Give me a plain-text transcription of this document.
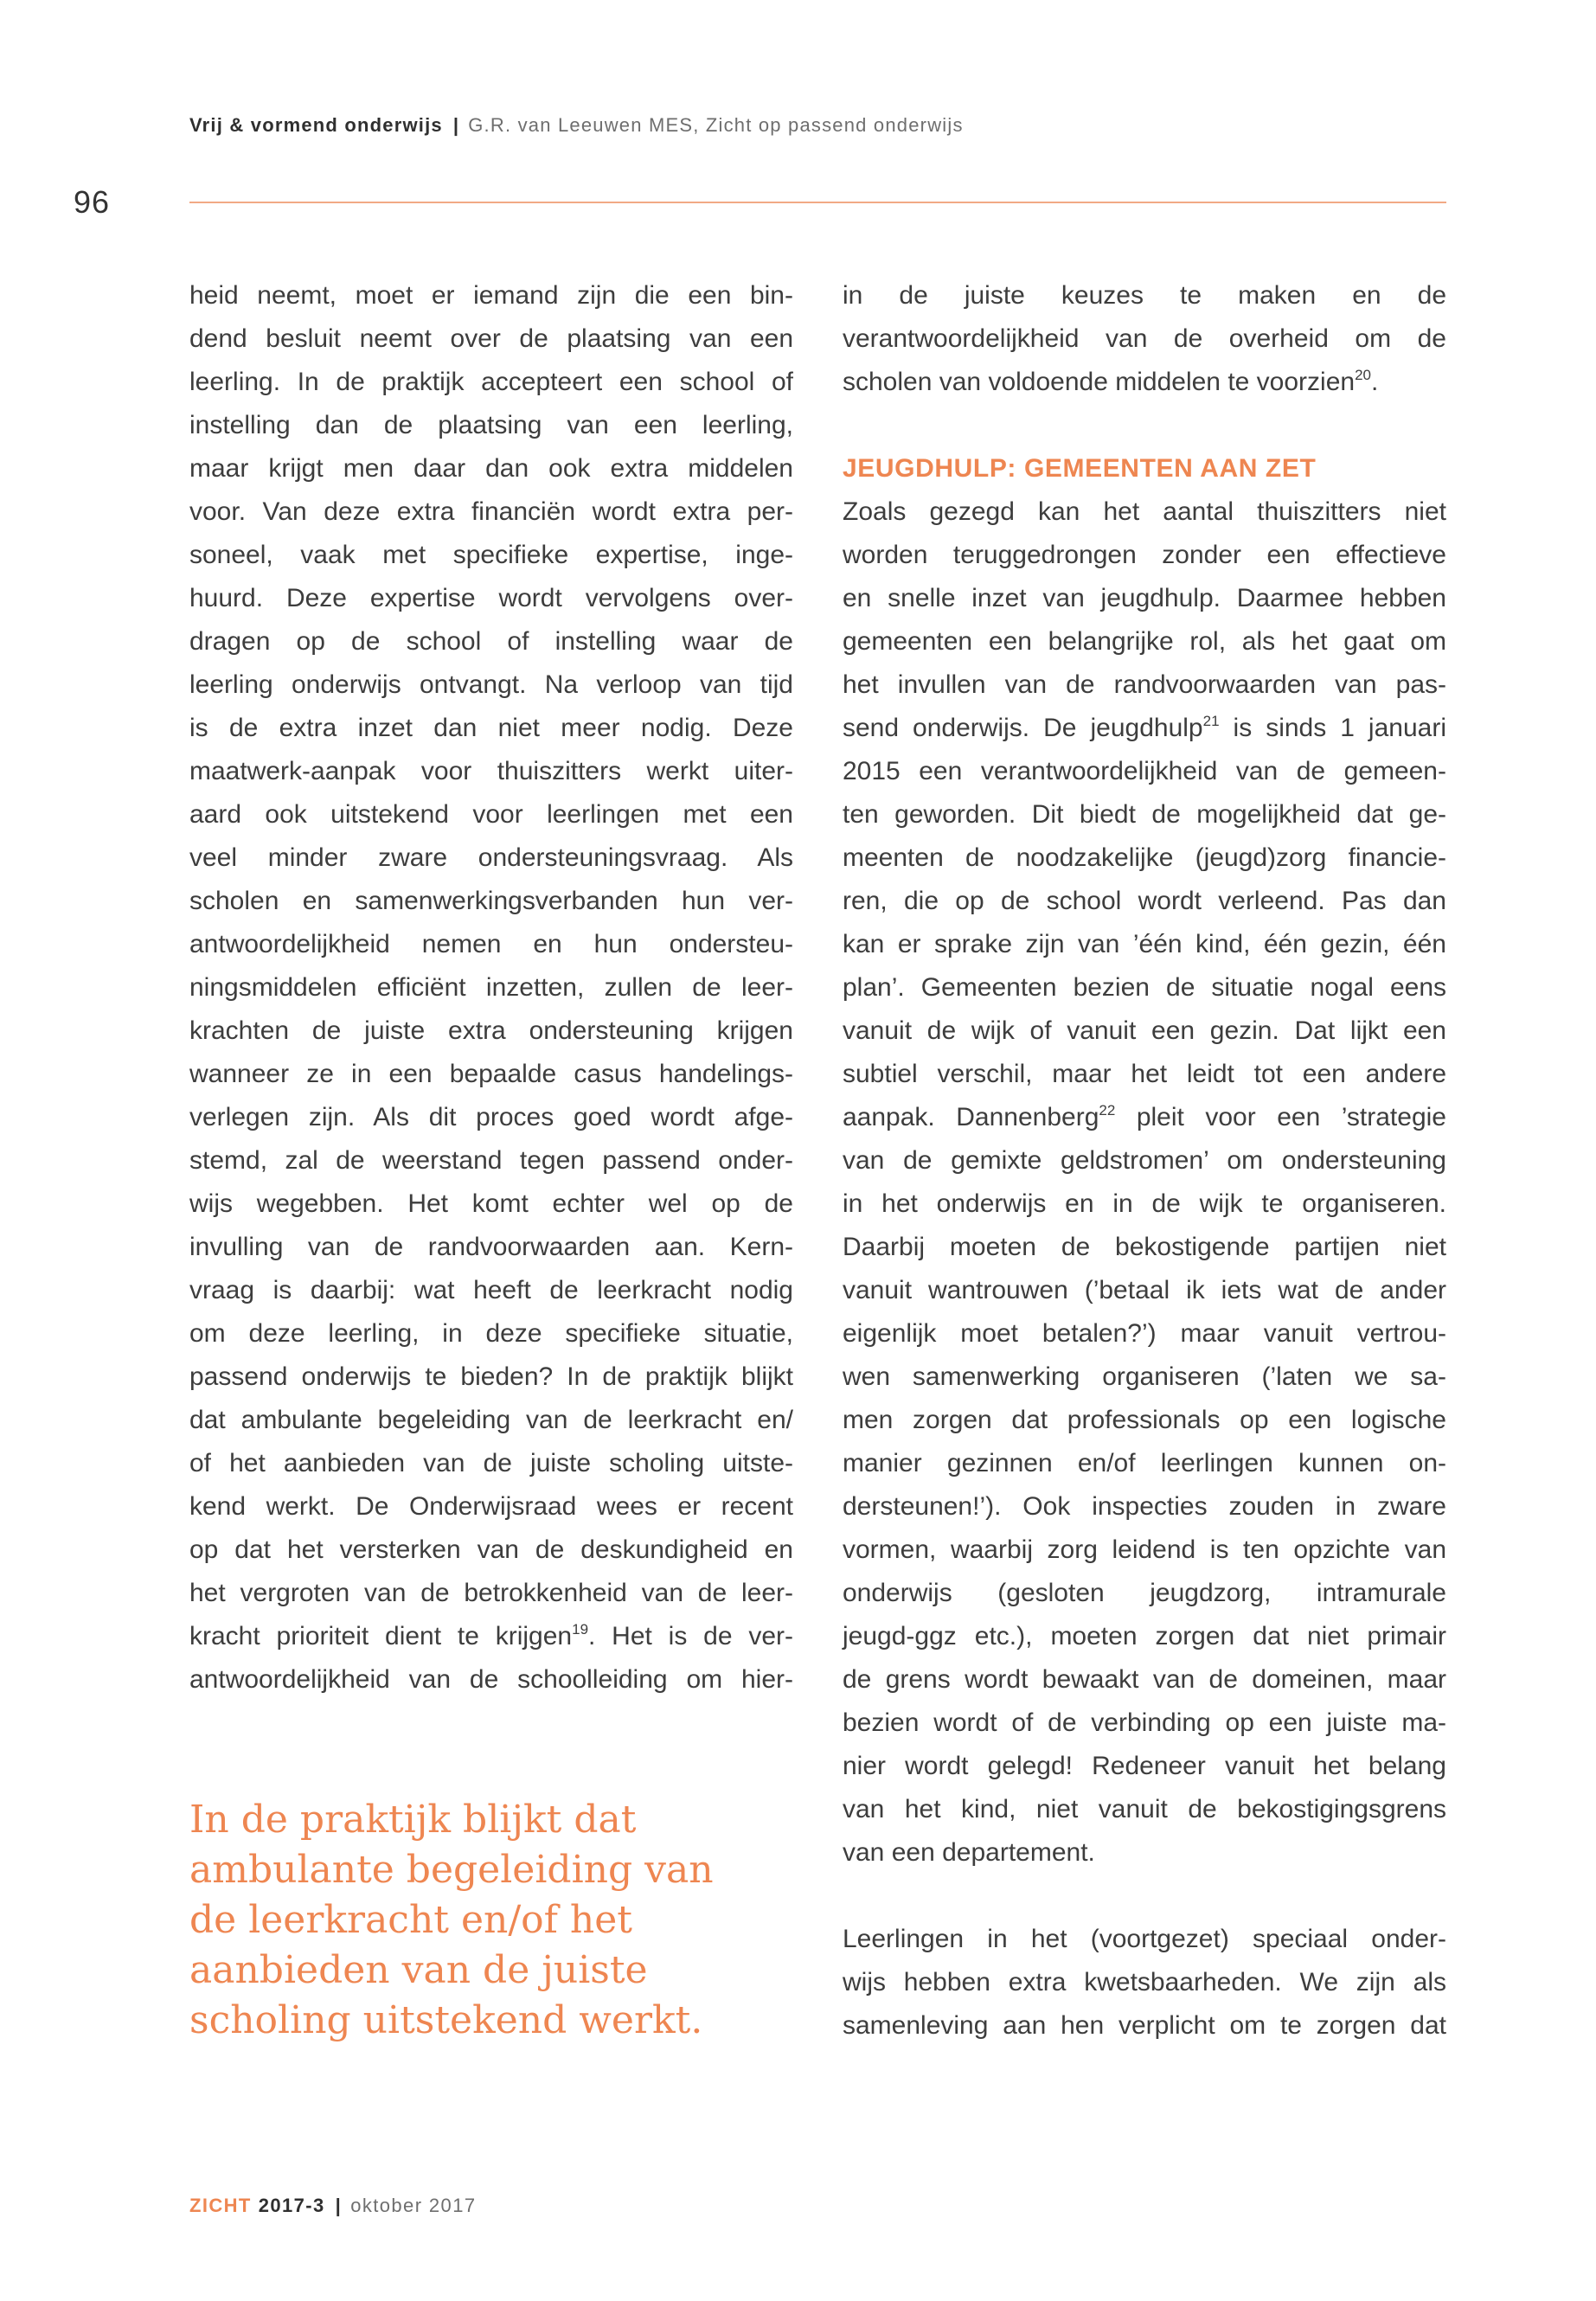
Vrij & vormend onderwijs | G.R. van Leeuwen MES, Zicht op passend onderwijs
96
heid neemt, moet er iemand zijn die een bin-
dend besluit neemt over de plaatsing van een
leerling. In de praktijk accepteert een school of
instelling dan de plaatsing van een leerling,
maar krijgt men daar dan ook extra middelen
voor. Van deze extra financiën wordt extra per-
soneel, vaak met specifieke expertise, inge-
huurd. Deze expertise wordt vervolgens over-
dragen op de school of instelling waar de
leerling onderwijs ontvangt. Na verloop van tijd
is de extra inzet dan niet meer nodig. Deze
maatwerk-aanpak voor thuiszitters werkt uiter-
aard ook uitstekend voor leerlingen met een
veel minder zware ondersteuningsvraag. Als
scholen en samenwerkingsverbanden hun ver-
antwoordelijkheid nemen en hun ondersteu-
ningsmiddelen efficiënt inzetten, zullen de leer-
krachten de juiste extra ondersteuning krijgen
wanneer ze in een bepaalde casus handelings-
verlegen zijn. Als dit proces goed wordt afge-
stemd, zal de weerstand tegen passend onder-
wijs wegebben. Het komt echter wel op de
invulling van de randvoorwaarden aan. Kern-
vraag is daarbij: wat heeft de leerkracht nodig
om deze leerling, in deze specifieke situatie,
passend onderwijs te bieden? In de praktijk blijkt
dat ambulante begeleiding van de leerkracht en/
of het aanbieden van de juiste scholing uitste-
kend werkt. De Onderwijsraad wees er recent
op dat het versterken van de deskundigheid en
het vergroten van de betrokkenheid van de leer-
kracht prioriteit dient te krijgen$^{19}$. Het is de ver-
antwoordelijkheid van de schoolleiding om hier-
In de praktijk blijkt dat
ambulante begeleiding van
de leerkracht en/of het
aanbieden van de juiste
scholing uitstekend werkt.
in de juiste keuzes te maken en de
verantwoordelijkheid van de overheid om de
scholen van voldoende middelen te voorzien$^{20}$.
JEUGDHULP: GEMEENTEN AAN ZET
Zoals gezegd kan het aantal thuiszitters niet
worden teruggedrongen zonder een effectieve
en snelle inzet van jeugdhulp. Daarmee hebben
gemeenten een belangrijke rol, als het gaat om
het invullen van de randvoorwaarden van pas-
send onderwijs. De jeugdhulp$^{21}$ is sinds 1 januari
2015 een verantwoordelijkheid van de gemeen-
ten geworden. Dit biedt de mogelijkheid dat ge-
meenten de noodzakelijke (jeugd)zorg financie-
ren, die op de school wordt verleend. Pas dan
kan er sprake zijn van ’één kind, één gezin, één
plan’. Gemeenten bezien de situatie nogal eens
vanuit de wijk of vanuit een gezin. Dat lijkt een
subtiel verschil, maar het leidt tot een andere
aanpak. Dannenberg$^{22}$ pleit voor een ’strategie
van de gemixte geldstromen’ om ondersteuning
in het onderwijs en in de wijk te organiseren.
Daarbij moeten de bekostigende partijen niet
vanuit wantrouwen (’betaal ik iets wat de ander
eigenlijk moet betalen?’) maar vanuit vertrou-
wen samenwerking organiseren (’laten we sa-
men zorgen dat professionals op een logische
manier gezinnen en/of leerlingen kunnen on-
dersteunen!’). Ook inspecties zouden in zware
vormen, waarbij zorg leidend is ten opzichte van
onderwijs (gesloten jeugdzorg, intramurale
jeugd-ggz etc.), moeten zorgen dat niet primair
de grens wordt bewaakt van de domeinen, maar
bezien wordt of de verbinding op een juiste ma-
nier wordt gelegd! Redeneer vanuit het belang
van het kind, niet vanuit de bekostigingsgrens
van een departement.
Leerlingen in het (voortgezet) speciaal onder-
wijs hebben extra kwetsbaarheden. We zijn als
samenleving aan hen verplicht om te zorgen dat
ZICHT 2017-3 | oktober 2017
